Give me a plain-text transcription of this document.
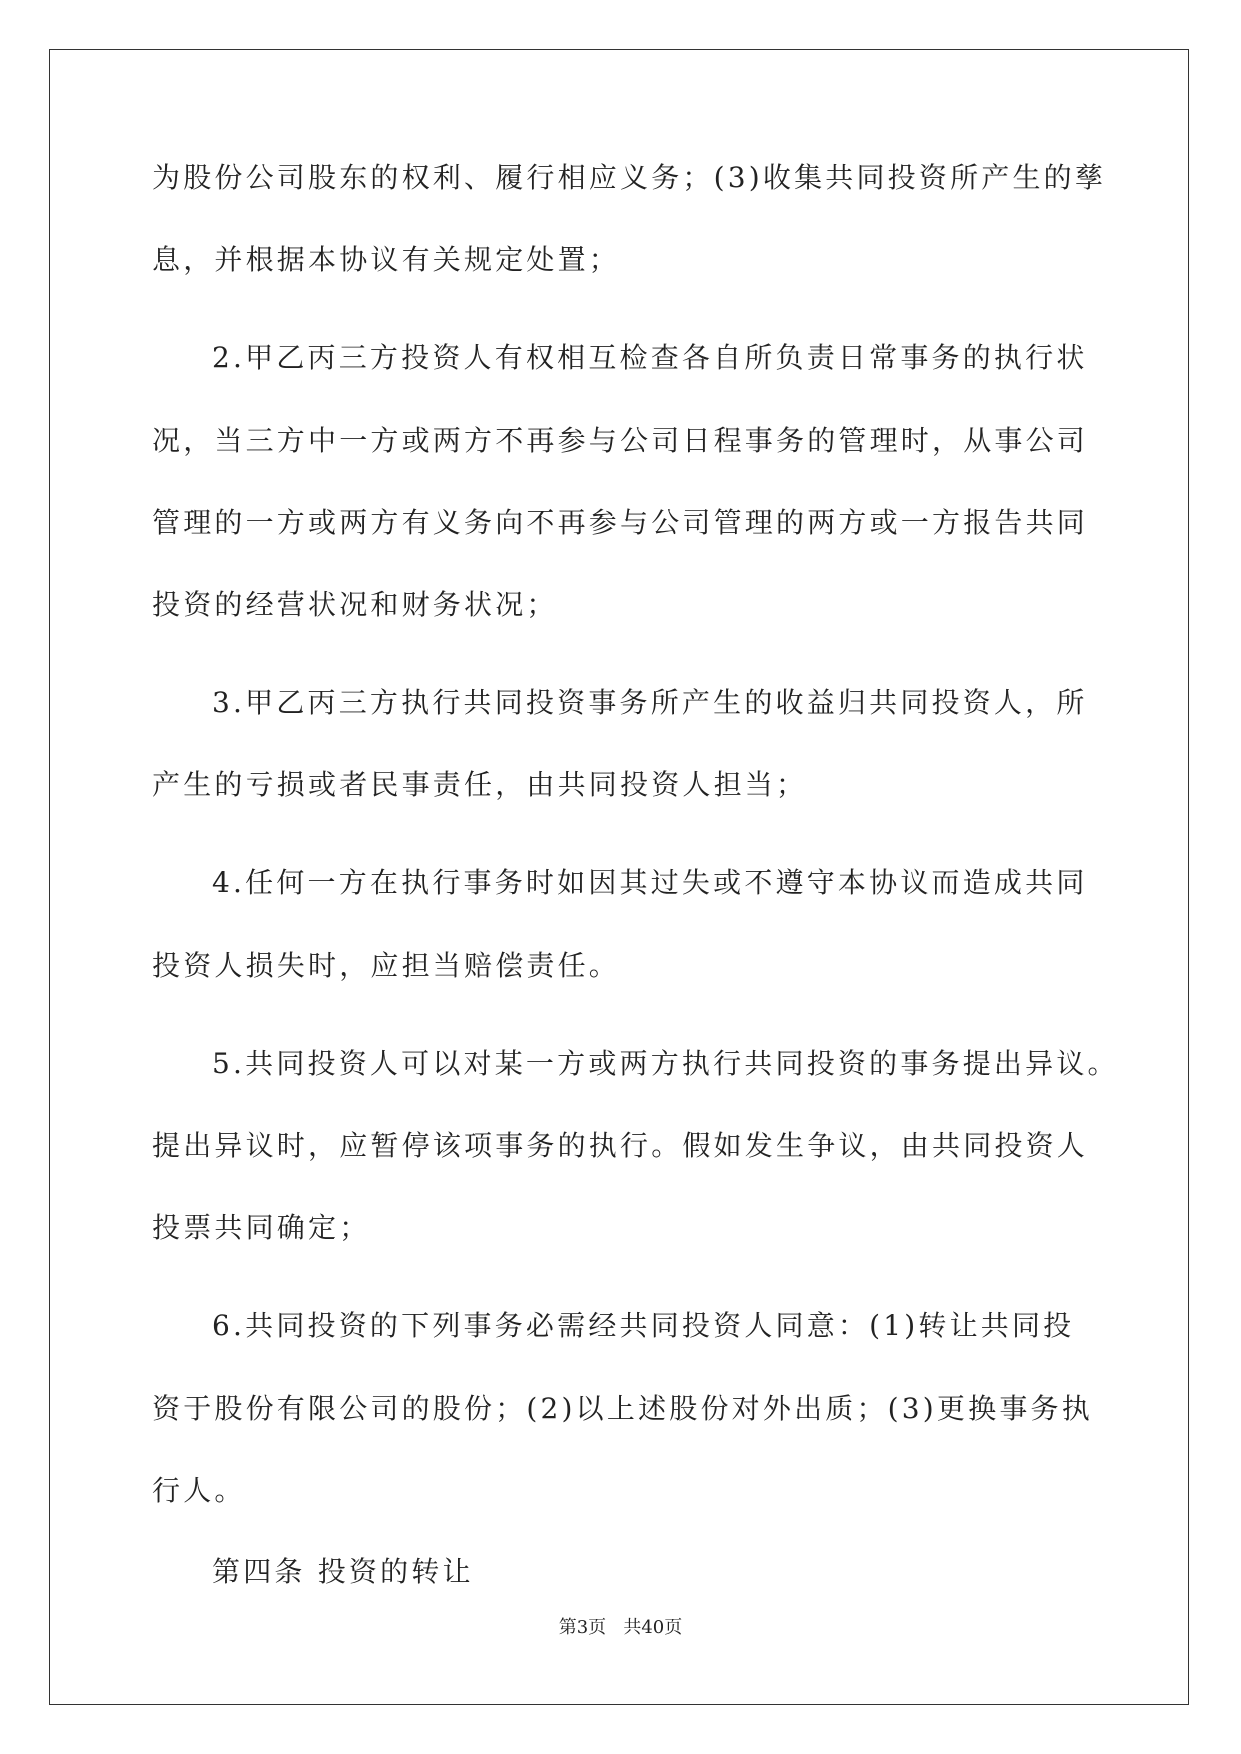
为股份公司股东的权利、履行相应义务；(3)收集共同投资所产生的孳
息，并根据本协议有关规定处置；
2.甲乙丙三方投资人有权相互检查各自所负责日常事务的执行状
况，当三方中一方或两方不再参与公司日程事务的管理时，从事公司
管理的一方或两方有义务向不再参与公司管理的两方或一方报告共同
投资的经营状况和财务状况；
3.甲乙丙三方执行共同投资事务所产生的收益归共同投资人，所
产生的亏损或者民事责任，由共同投资人担当；
4.任何一方在执行事务时如因其过失或不遵守本协议而造成共同
投资人损失时，应担当赔偿责任。
5.共同投资人可以对某一方或两方执行共同投资的事务提出异议。
提出异议时，应暂停该项事务的执行。假如发生争议，由共同投资人
投票共同确定；
6.共同投资的下列事务必需经共同投资人同意：(1)转让共同投
资于股份有限公司的股份；(2)以上述股份对外出质；(3)更换事务执
行人。
第四条 投资的转让
第3页   共40页
